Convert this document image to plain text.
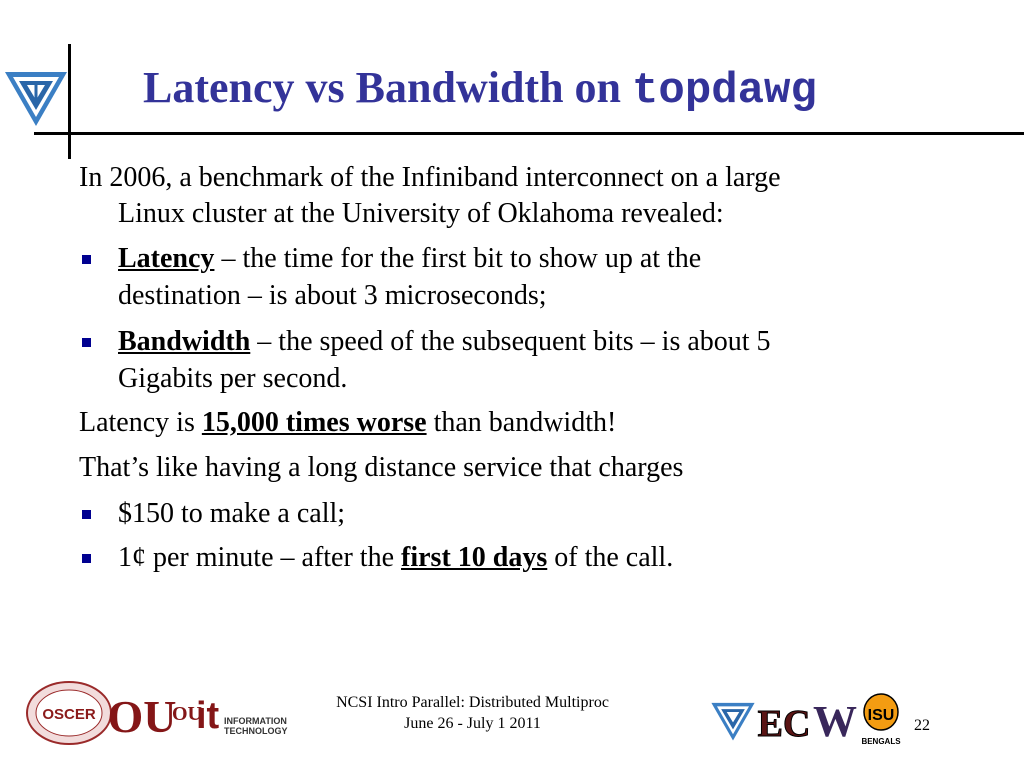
Latency vs Bandwidth on topdawg

In 2006, a benchmark of the Infiniband interconnect on a large

Linux cluster at the University of Oklahoma revealed:

Latency – the time for the first bit to show up at the

destination – is about 3 microseconds;

Bandwidth – the speed of the subsequent bits – is about 5

Gigabits per second.

Latency is 15,000 times worse than bandwidth!

That’s like having a long distance service that charges

$150 to make a call;

1¢ per minute – after the first 10 days of the call.

OSCER OU
OU
it INFORMATION
TECHNOLOGY
NCSI Intro Parallel: Distributed Multiproc
June 26 - July 1 2011	EC W ISU
BENGALS
22
